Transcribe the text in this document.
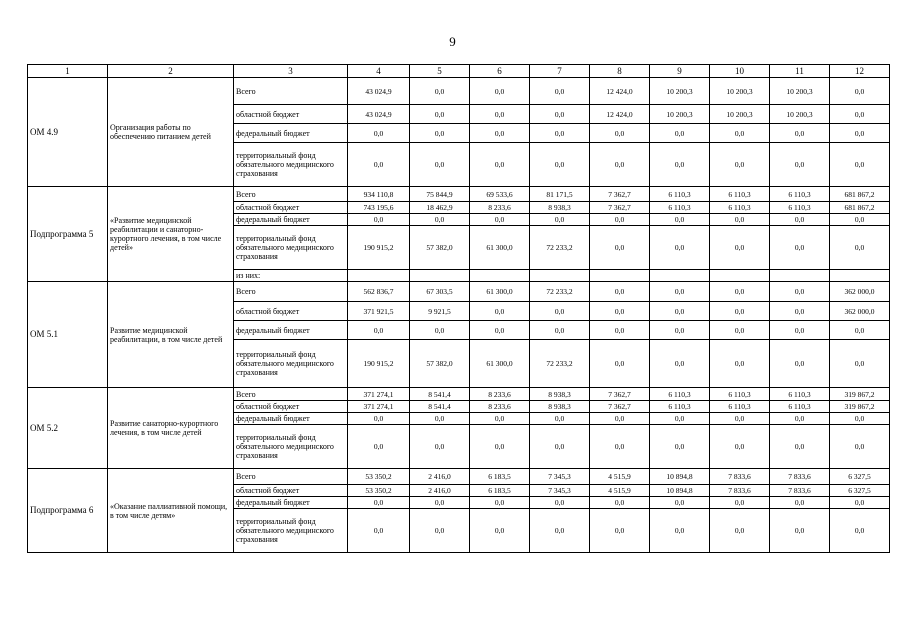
9
1	2	3	4	5	6	7	8	9	10	11	12
ОМ 4.9	Организация работы по обеспечению питанием детей	Всего	43 024,9	0,0	0,0	0,0	12 424,0	10 200,3	10 200,3	10 200,3	0,0
		областной бюджет	43 024,9	0,0	0,0	0,0	12 424,0	10 200,3	10 200,3	10 200,3	0,0
		федеральный бюджет	0,0	0,0	0,0	0,0	0,0	0,0	0,0	0,0	0,0
		территориальный фонд обязательного медицинского страхования	0,0	0,0	0,0	0,0	0,0	0,0	0,0	0,0	0,0
Подпрограмма 5	«Развитие медицинской реабилитации и санаторно-курортного лечения, в том числе детей»	Всего	934 110,8	75 844,9	69 533,6	81 171,5	7 362,7	6 110,3	6 110,3	6 110,3	681 867,2
		областной бюджет	743 195,6	18 462,9	8 233,6	8 938,3	7 362,7	6 110,3	6 110,3	6 110,3	681 867,2
		федеральный бюджет	0,0	0,0	0,0	0,0	0,0	0,0	0,0	0,0	0,0
		территориальный фонд обязательного медицинского страхования	190 915,2	57 382,0	61 300,0	72 233,2	0,0	0,0	0,0	0,0	0,0
		из них:									
ОМ 5.1	Развитие медицинской реабилитации, в том числе детей	Всего	562 836,7	67 303,5	61 300,0	72 233,2	0,0	0,0	0,0	0,0	362 000,0
		областной бюджет	371 921,5	9 921,5	0,0	0,0	0,0	0,0	0,0	0,0	362 000,0
		федеральный бюджет	0,0	0,0	0,0	0,0	0,0	0,0	0,0	0,0	0,0
		территориальный фонд обязательного медицинского страхования	190 915,2	57 382,0	61 300,0	72 233,2	0,0	0,0	0,0	0,0	0,0
ОМ 5.2	Развитие санаторно-курортного лечения, в том числе детей	Всего	371 274,1	8 541,4	8 233,6	8 938,3	7 362,7	6 110,3	6 110,3	6 110,3	319 867,2
		областной бюджет	371 274,1	8 541,4	8 233,6	8 938,3	7 362,7	6 110,3	6 110,3	6 110,3	319 867,2
		федеральный бюджет	0,0	0,0	0,0	0,0	0,0	0,0	0,0	0,0	0,0
		территориальный фонд обязательного медицинского страхования	0,0	0,0	0,0	0,0	0,0	0,0	0,0	0,0	0,0
Подпрограмма 6	«Оказание паллиативной помощи, в том числе детям»	Всего	53 350,2	2 416,0	6 183,5	7 345,3	4 515,9	10 894,8	7 833,6	7 833,6	6 327,5
		областной бюджет	53 350,2	2 416,0	6 183,5	7 345,3	4 515,9	10 894,8	7 833,6	7 833,6	6 327,5
		федеральный бюджет	0,0	0,0	0,0	0,0	0,0	0,0	0,0	0,0	0,0
		территориальный фонд обязательного медицинского страхования	0,0	0,0	0,0	0,0	0,0	0,0	0,0	0,0	0,0
